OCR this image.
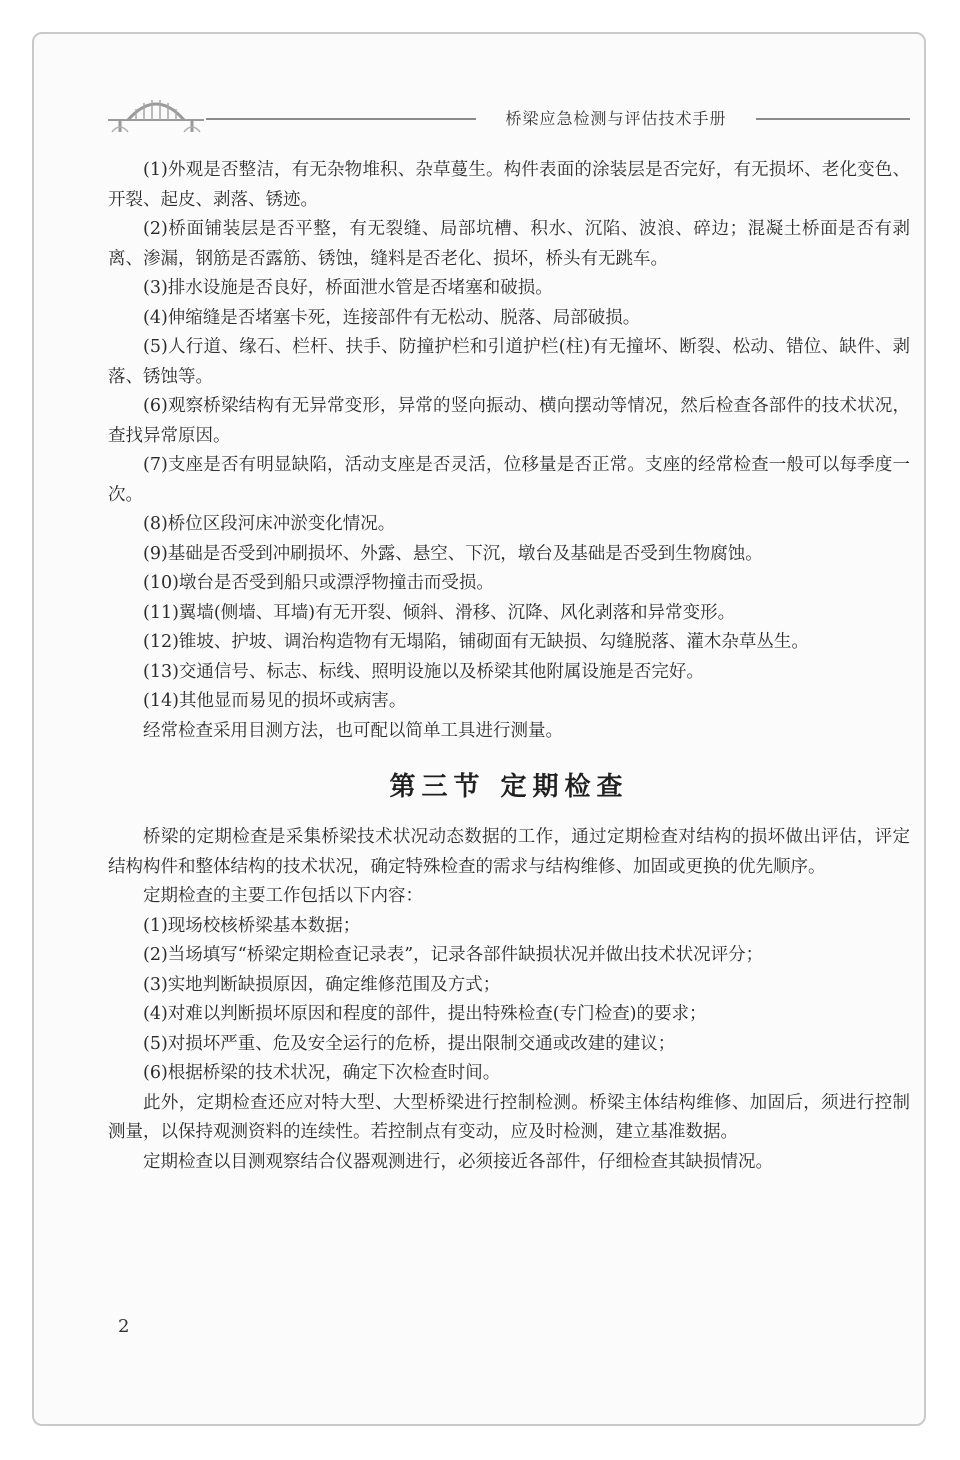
桥梁应急检测与评估技术手册

(1)外观是否整洁，有无杂物堆积、杂草蔓生。构件表面的涂装层是否完好，有无损坏、老化变色、开裂、起皮、剥落、锈迹。

(2)桥面铺装层是否平整，有无裂缝、局部坑槽、积水、沉陷、波浪、碎边；混凝土桥面是否有剥离、渗漏，钢筋是否露筋、锈蚀，缝料是否老化、损坏，桥头有无跳车。

(3)排水设施是否良好，桥面泄水管是否堵塞和破损。

(4)伸缩缝是否堵塞卡死，连接部件有无松动、脱落、局部破损。

(5)人行道、缘石、栏杆、扶手、防撞护栏和引道护栏(柱)有无撞坏、断裂、松动、错位、缺件、剥落、锈蚀等。

(6)观察桥梁结构有无异常变形，异常的竖向振动、横向摆动等情况，然后检查各部件的技术状况，查找异常原因。

(7)支座是否有明显缺陷，活动支座是否灵活，位移量是否正常。支座的经常检查一般可以每季度一次。

(8)桥位区段河床冲淤变化情况。

(9)基础是否受到冲刷损坏、外露、悬空、下沉，墩台及基础是否受到生物腐蚀。

(10)墩台是否受到船只或漂浮物撞击而受损。

(11)翼墙(侧墙、耳墙)有无开裂、倾斜、滑移、沉降、风化剥落和异常变形。

(12)锥坡、护坡、调治构造物有无塌陷，铺砌面有无缺损、勾缝脱落、灌木杂草丛生。

(13)交通信号、标志、标线、照明设施以及桥梁其他附属设施是否完好。

(14)其他显而易见的损坏或病害。

经常检查采用目测方法，也可配以简单工具进行测量。

第三节 定期检查

桥梁的定期检查是采集桥梁技术状况动态数据的工作，通过定期检查对结构的损坏做出评估，评定结构构件和整体结构的技术状况，确定特殊检查的需求与结构维修、加固或更换的优先顺序。

定期检查的主要工作包括以下内容：

(1)现场校核桥梁基本数据；

(2)当场填写“桥梁定期检查记录表”，记录各部件缺损状况并做出技术状况评分；

(3)实地判断缺损原因，确定维修范围及方式；

(4)对难以判断损坏原因和程度的部件，提出特殊检查(专门检查)的要求；

(5)对损坏严重、危及安全运行的危桥，提出限制交通或改建的建议；

(6)根据桥梁的技术状况，确定下次检查时间。

此外，定期检查还应对特大型、大型桥梁进行控制检测。桥梁主体结构维修、加固后，须进行控制测量，以保持观测资料的连续性。若控制点有变动，应及时检测，建立基准数据。

定期检查以目测观察结合仪器观测进行，必须接近各部件，仔细检查其缺损情况。

2
